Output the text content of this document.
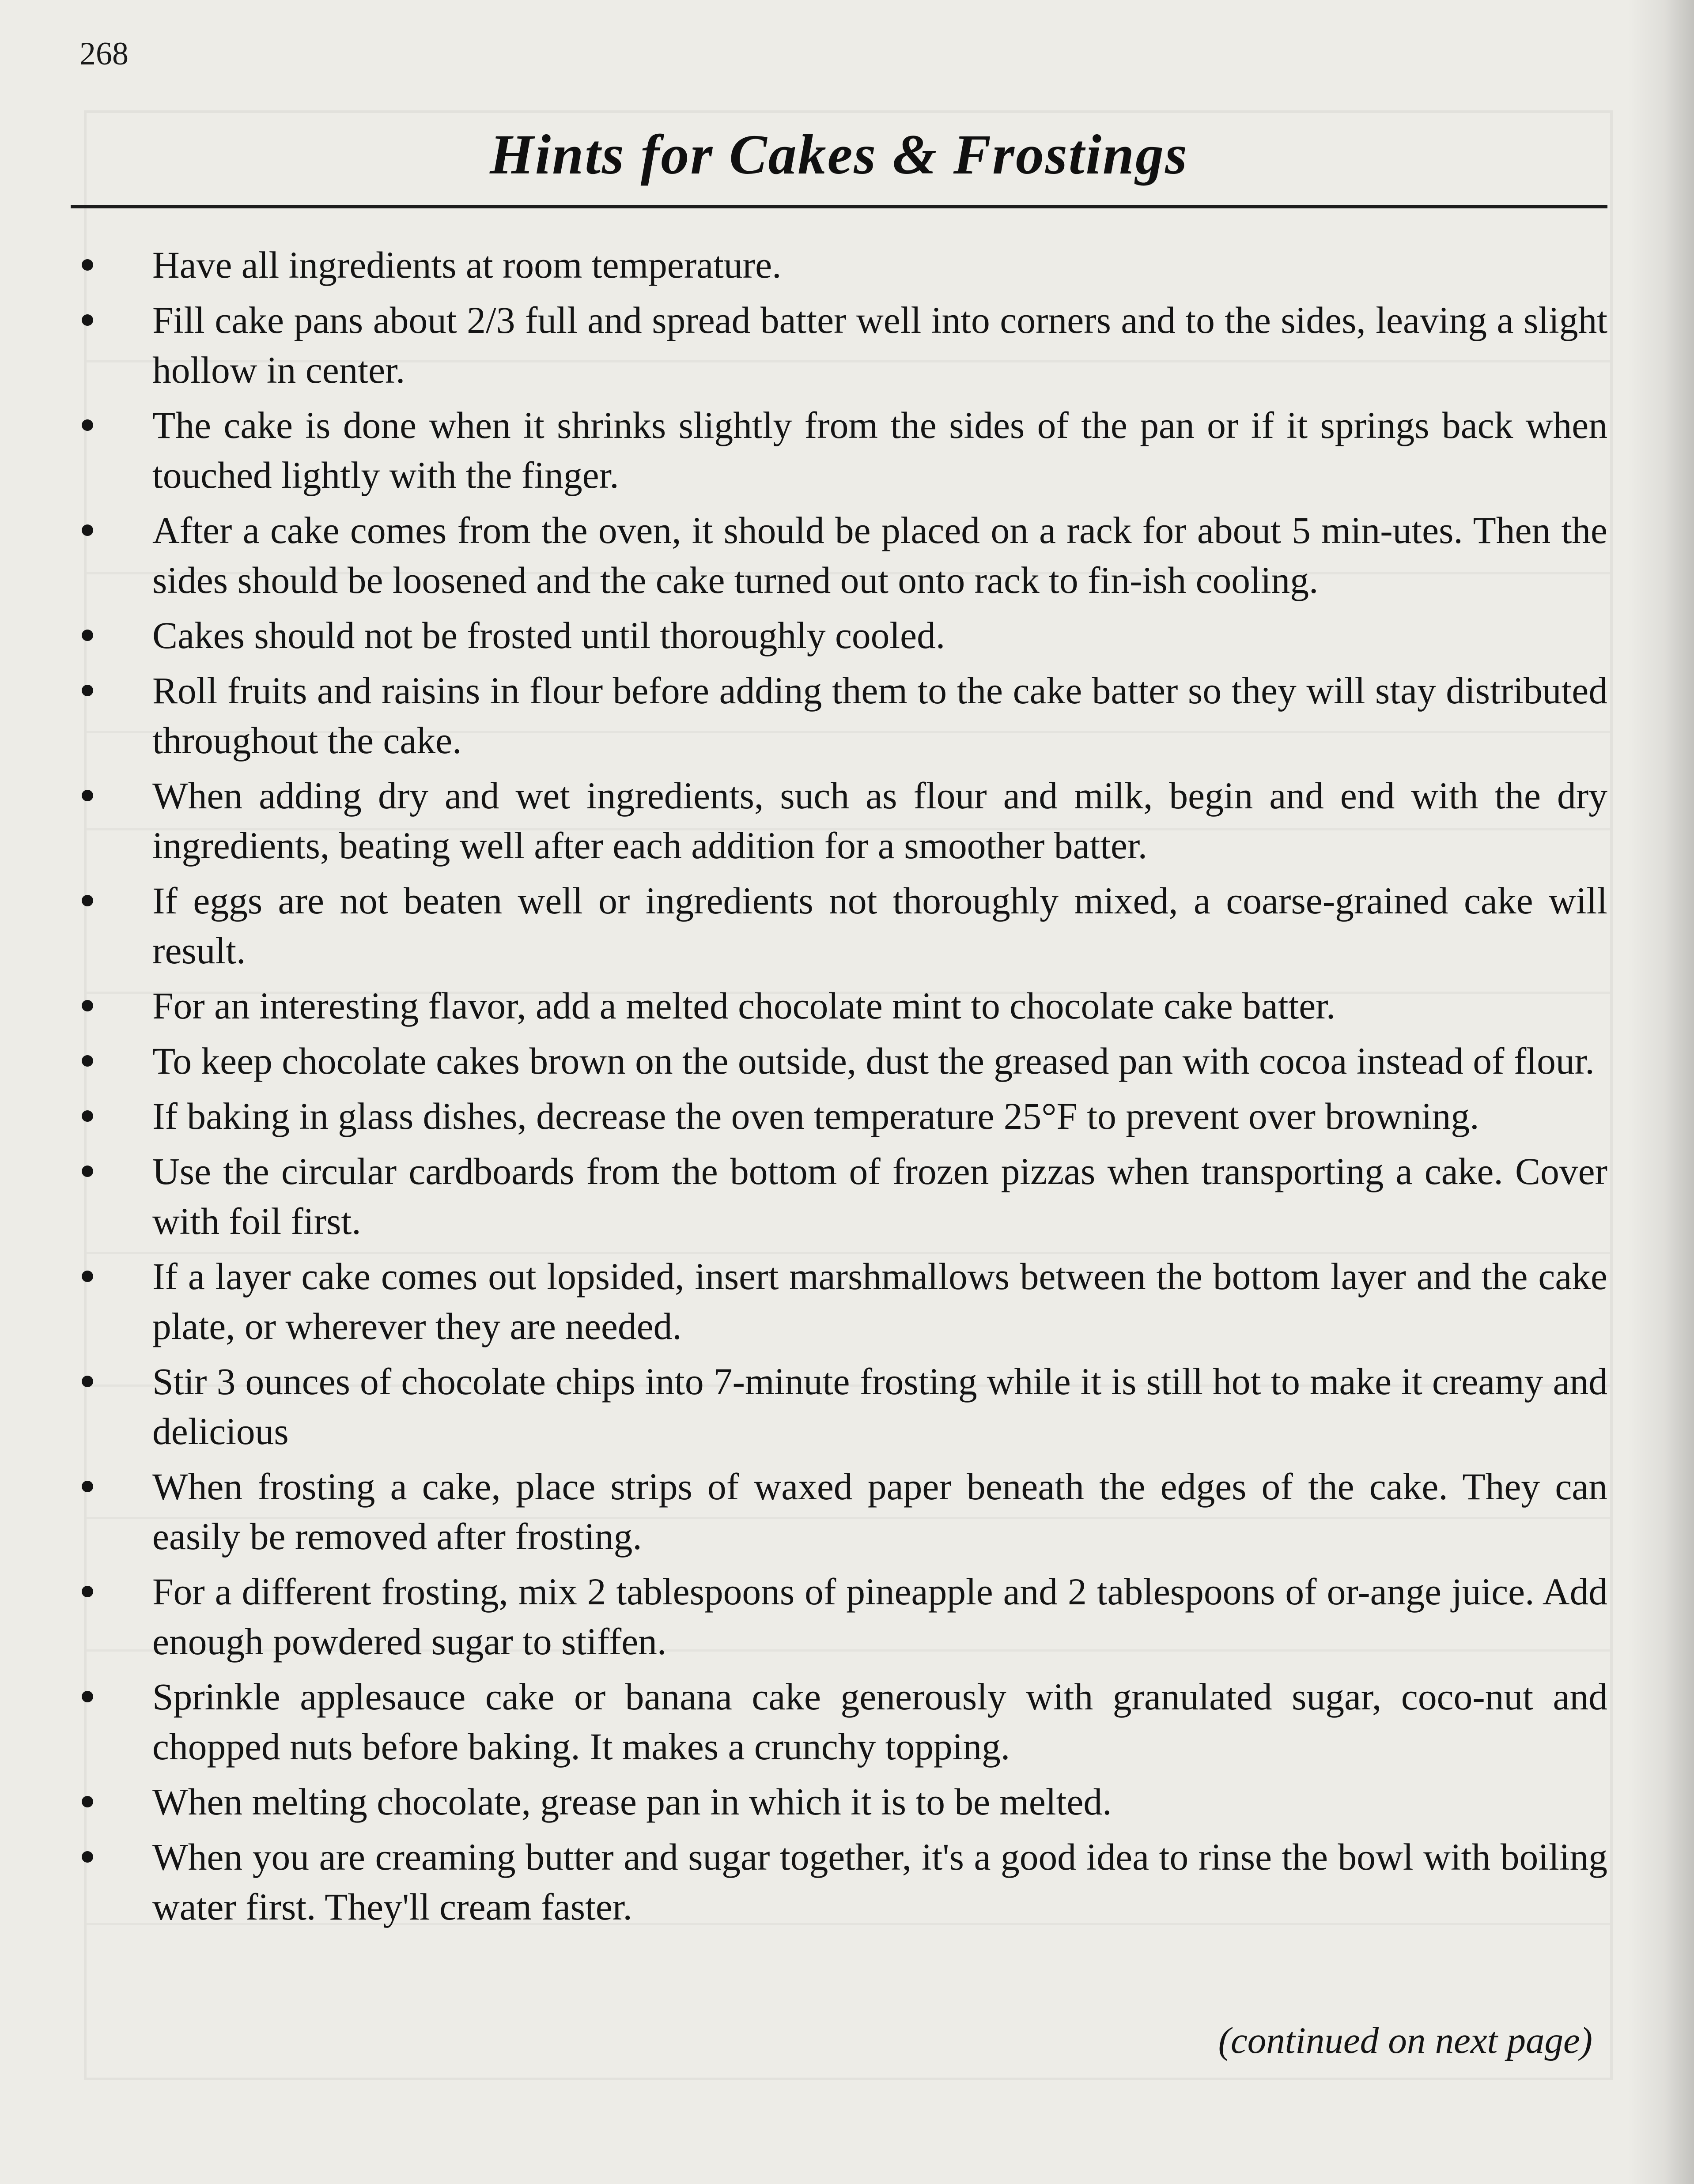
268
Hints for Cakes & Frostings
Have all ingredients at room temperature.
Fill cake pans about 2/3 full and spread batter well into corners and to the sides, leaving a slight hollow in center.
The cake is done when it shrinks slightly from the sides of the pan or if it springs back when touched lightly with the finger.
After a cake comes from the oven, it should be placed on a rack for about 5 min-utes. Then the sides should be loosened and the cake turned out onto rack to fin-ish cooling.
Cakes should not be frosted until thoroughly cooled.
Roll fruits and raisins in flour before adding them to the cake batter so they will stay distributed throughout the cake.
When adding dry and wet ingredients, such as flour and milk, begin and end with the dry ingredients, beating well after each addition for a smoother batter.
If eggs are not beaten well or ingredients not thoroughly mixed, a coarse-grained cake will result.
For an interesting flavor, add a melted chocolate mint to chocolate cake batter.
To keep chocolate cakes brown on the outside, dust the greased pan with cocoa instead of flour.
If baking in glass dishes, decrease the oven temperature 25°F to prevent over browning.
Use the circular cardboards from the bottom of frozen pizzas when transporting a cake. Cover with foil first.
If a layer cake comes out lopsided, insert marshmallows between the bottom layer and the cake plate, or wherever they are needed.
Stir 3 ounces of chocolate chips into 7-minute frosting while it is still hot to make it creamy and delicious
When frosting a cake, place strips of waxed paper beneath the edges of the cake. They can easily be removed after frosting.
For a different frosting, mix 2 tablespoons of pineapple and 2 tablespoons of or-ange juice. Add enough powdered sugar to stiffen.
Sprinkle applesauce cake or banana cake generously with granulated sugar, coco-nut and chopped nuts before baking. It makes a crunchy topping.
When melting chocolate, grease pan in which it is to be melted.
When you are creaming butter and sugar together, it's a good idea to rinse the bowl with boiling water first. They'll cream faster.
(continued on next page)
